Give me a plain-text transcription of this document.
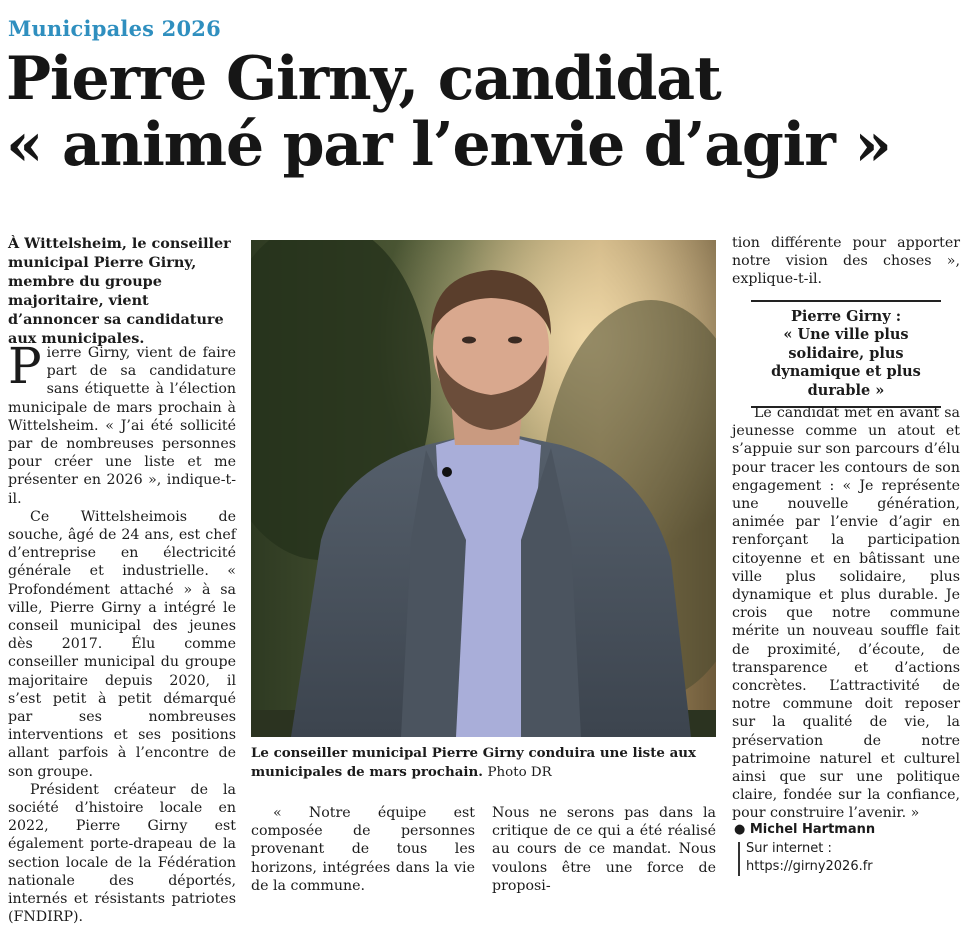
Municipales 2026
Pierre Girny, candidat
« animé par l’envie d’agir »
À Wittelsheim, le conseiller municipal Pierre Girny, membre du groupe majoritaire, vient d’annoncer sa candidature aux municipales.

Pierre Girny, vient de faire part de sa candidature sans étiquette à l’élection municipale de mars prochain à Wittelsheim. « J’ai été sollicité par de nombreuses personnes pour créer une liste et me présenter en 2026 », indique-t-il.

Ce Wittelsheimois de souche, âgé de 24 ans, est chef d’entreprise en électricité générale et industrielle. « Profondément attaché » à sa ville, Pierre Girny a intégré le conseil municipal des jeunes dès 2017. Élu comme conseiller municipal du groupe majoritaire depuis 2020, il s’est petit à petit démarqué par ses nombreuses interventions et ses positions allant parfois à l’encontre de son groupe.

Président créateur de la société d’histoire locale en 2022, Pierre Girny est également porte-drapeau de la section locale de la Fédération nationale des déportés, internés et résistants patriotes (FNDIRP).

Le conseiller municipal Pierre Girny conduira une liste aux municipales de mars prochain. Photo DR

« Notre équipe est composée de personnes provenant de tous les horizons, intégrées dans la vie de la commune.

Nous ne serons pas dans la critique de ce qui a été réalisé au cours de ce mandat. Nous voulons être une force de proposi-

tion différente pour apporter notre vision des choses », explique-t-il.

Pierre Girny :
« Une ville plus solidaire, plus dynamique et plus durable »

Le candidat met en avant sa jeunesse comme un atout et s’appuie sur son parcours d’élu pour tracer les contours de son engagement : « Je représente une nouvelle génération, animée par l’envie d’agir en renforçant la participation citoyenne et en bâtissant une ville plus solidaire, plus dynamique et plus durable. Je crois que notre commune mérite un nouveau souffle fait de proximité, d’écoute, de transparence et d’actions concrètes. L’attractivité de notre commune doit reposer sur la qualité de vie, la préservation de notre patrimoine naturel et culturel ainsi que sur une politique claire, fondée sur la confiance, pour construire l’avenir. »

● Michel Hartmann
Sur internet : https://girny2026.fr
